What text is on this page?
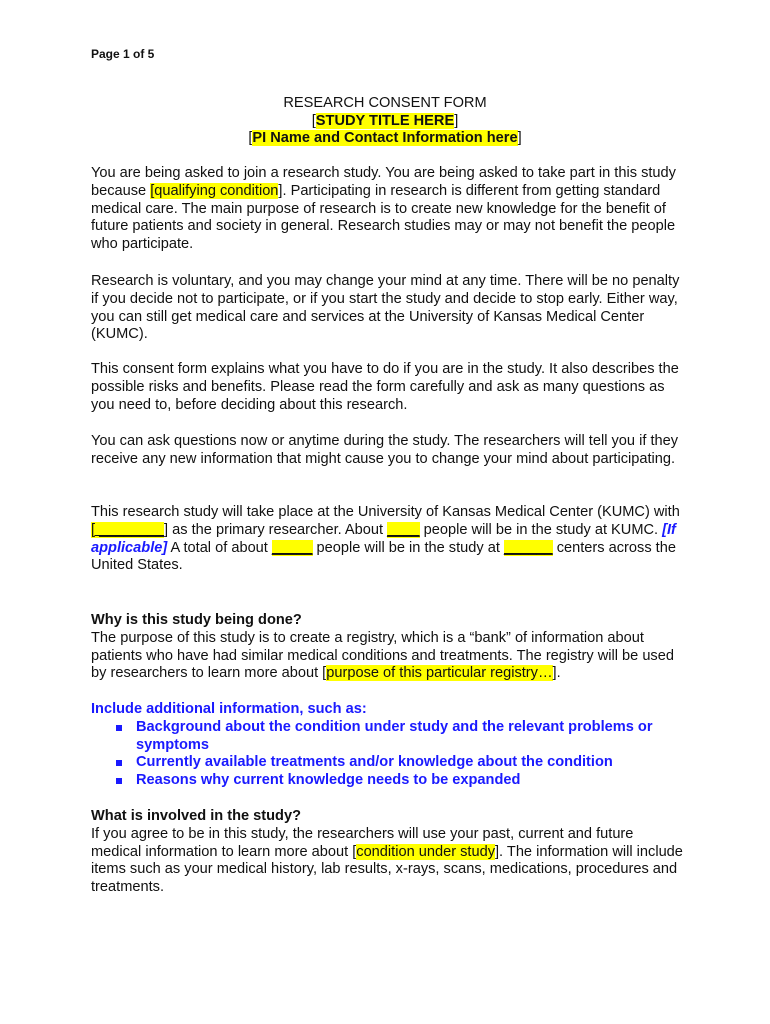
Page 1 of 5
RESEARCH CONSENT FORM
[STUDY TITLE HERE]
[PI Name and Contact Information here]

You are being asked to join a research study. You are being asked to take part in this study because [qualifying condition]. Participating in research is different from getting standard medical care. The main purpose of research is to create new knowledge for the benefit of future patients and society in general. Research studies may or may not benefit the people who participate.

Research is voluntary, and you may change your mind at any time. There will be no penalty if you decide not to participate, or if you start the study and decide to stop early. Either way, you can still get medical care and services at the University of Kansas Medical Center (KUMC).

This consent form explains what you have to do if you are in the study. It also describes the possible risks and benefits. Please read the form carefully and ask as many questions as you need to, before deciding about this research.

You can ask questions now or anytime during the study. The researchers will tell you if they receive any new information that might cause you to change your mind about participating.

This research study will take place at the University of Kansas Medical Center (KUMC) with [ ________] as the primary researcher. About ____ people will be in the study at KUMC. [If applicable] A total of about _____ people will be in the study at ______ centers across the United States.

Why is this study being done?

The purpose of this study is to create a registry, which is a “bank” of information about patients who have had similar medical conditions and treatments. The registry will be used by researchers to learn more about [purpose of this particular registry…].

Include additional information, such as:

Background about the condition under study and the relevant problems or symptoms
Currently available treatments and/or knowledge about the condition
Reasons why current knowledge needs to be expanded

What is involved in the study?

If you agree to be in this study, the researchers will use your past, current and future medical information to learn more about [condition under study]. The information will include items such as your medical history, lab results, x-rays, scans, medications, procedures and treatments.
